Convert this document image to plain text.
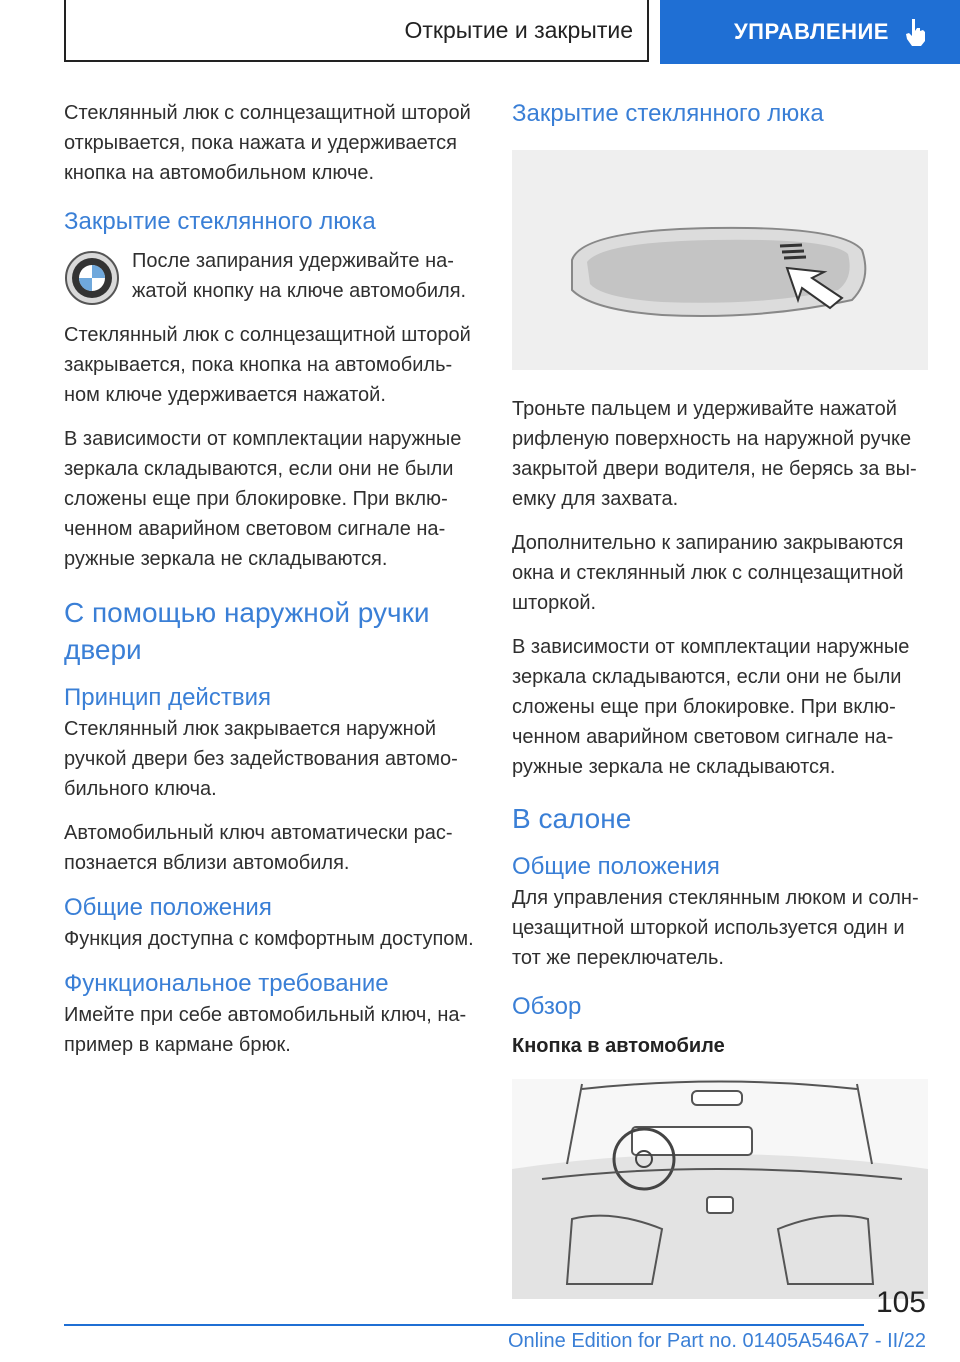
Открытие и закрытие	УПРАВЛЕНИЕ

Стеклянный люк с солнцезащитной шторой открывается, пока нажата и удерживается кнопка на автомобильном ключе.

Закрытие стеклянного люка

После запирания удерживайте нажатой кнопку на ключе автомобиля.

Стеклянный люк с солнцезащитной шторой закрывается, пока кнопка на автомобильном ключе удерживается нажатой.

В зависимости от комплектации наружные зеркала складываются, если они не были сложены еще при блокировке. При включенном аварийном световом сигнале наружные зеркала не складываются.

С помощью наружной ручки двери
Принцип действия

Стеклянный люк закрывается наружной ручкой двери без задействования автомобильного ключа.

Автомобильный ключ автоматически распознается вблизи автомобиля.

Общие положения

Функция доступна с комфортным доступом.

Функциональное требование

Имейте при себе автомобильный ключ, например в кармане брюк.

Закрытие стеклянного люка

Троньте пальцем и удерживайте нажатой рифленую поверхность на наружной ручке закрытой двери водителя, не берясь за выемку для захвата.

Дополнительно к запиранию закрываются окна и стеклянный люк с солнцезащитной шторкой.

В зависимости от комплектации наружные зеркала складываются, если они не были сложены еще при блокировке. При включенном аварийном световом сигнале наружные зеркала не складываются.

В салоне
Общие положения

Для управления стеклянным люком и солнцезащитной шторкой используется один и тот же переключатель.

Обзор
Кнопка в автомобиле
105
Online Edition for Part no. 01405A546A7 - II/22
